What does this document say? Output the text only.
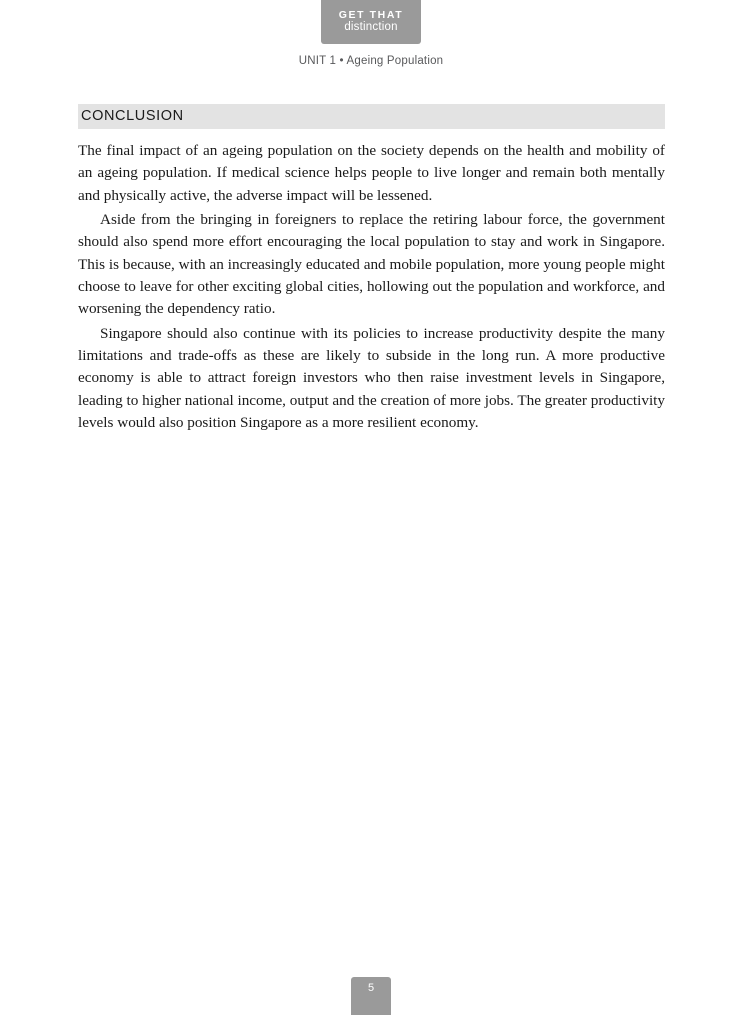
GET THAT
distinction
UNIT 1 • Ageing Population
CONCLUSION

The final impact of an ageing population on the society depends on the health and mobility of an ageing population. If medical science helps people to live longer and remain both mentally and physically active, the adverse impact will be lessened.

Aside from the bringing in foreigners to replace the retiring labour force, the government should also spend more effort encouraging the local population to stay and work in Singapore. This is because, with an increasingly educated and mobile population, more young people might choose to leave for other exciting global cities, hollowing out the population and workforce, and worsening the dependency ratio.

Singapore should also continue with its policies to increase productivity despite the many limitations and trade-offs as these are likely to subside in the long run. A more productive economy is able to attract foreign investors who then raise investment levels in Singapore, leading to higher national income, output and the creation of more jobs. The greater productivity levels would also position Singapore as a more resilient economy.

5
